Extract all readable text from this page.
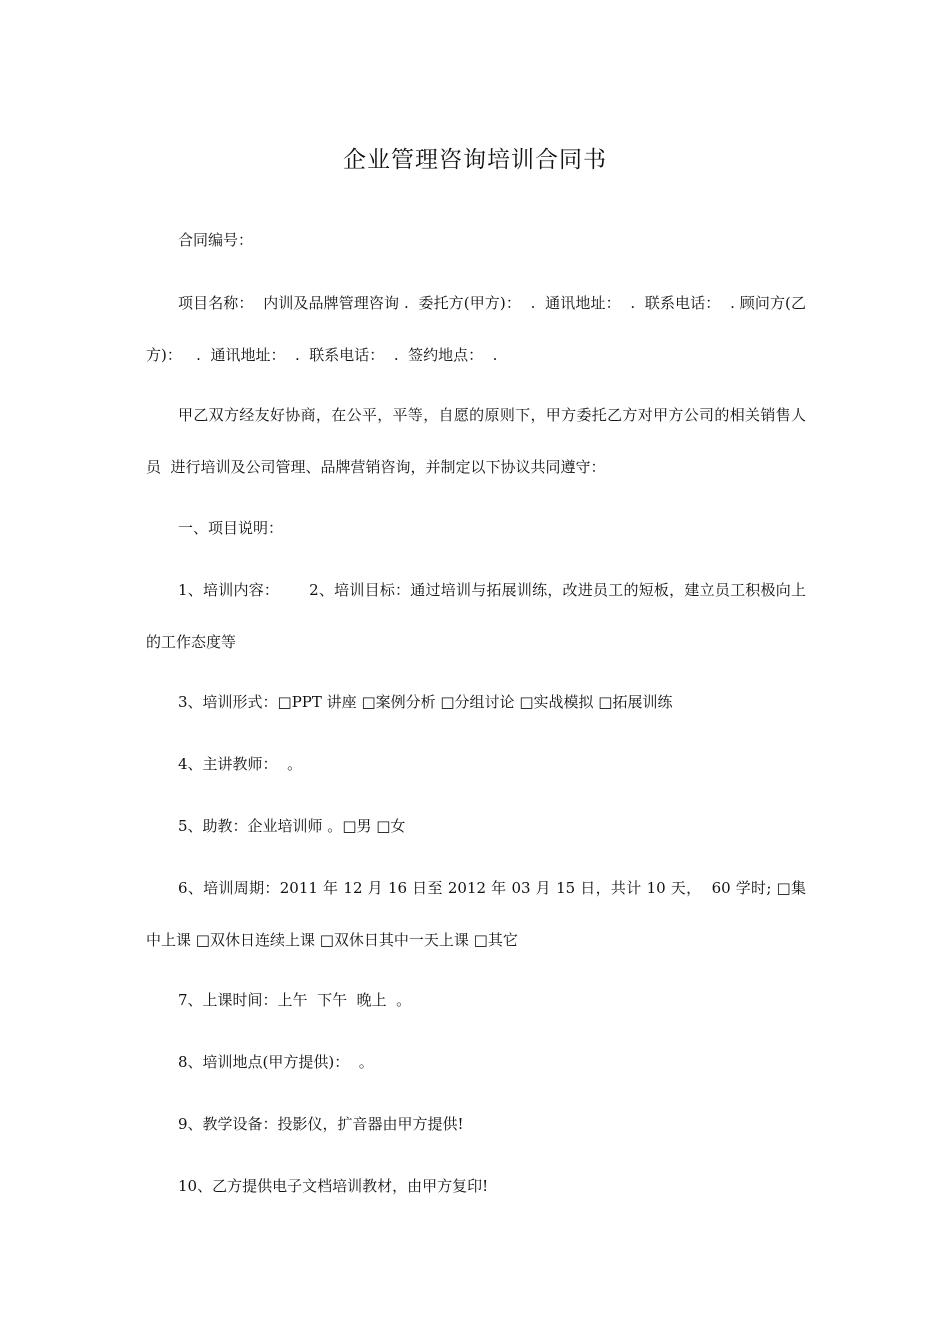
企业管理咨询培训合同书
合同编号：
项目名称：  内训及品牌管理咨询 .  委托方(甲方)：  .  通讯地址：  .  联系电话：  . 顾问方(乙方)：   .  通讯地址：  .  联系电话：  .  签约地点：  .
甲乙双方经友好协商，在公平，平等，自愿的原则下，甲方委托乙方对甲方公司的相关销售人员  进行培训及公司管理、品牌营销咨询，并制定以下协议共同遵守：
一、项目说明：
1、培训内容：      2、培训目标：通过培训与拓展训练，改进员工的短板，建立员工积极向上的工作态度等
3、培训形式：□PPT 讲座 □案例分析 □分组讨论 □实战模拟 □拓展训练
4、主讲教师：  。
5、助教：企业培训师 。□男 □女
6、培训周期：2011 年 12 月 16 日至 2012 年 03 月 15 日，共计 10 天，  60 学时; □集中上课 □双休日连续上课 □双休日其中一天上课 □其它
7、上课时间：上午  下午  晚上  。
8、培训地点(甲方提供)：  。
9、教学设备：投影仪，扩音器由甲方提供!
10、乙方提供电子文档培训教材，由甲方复印!
